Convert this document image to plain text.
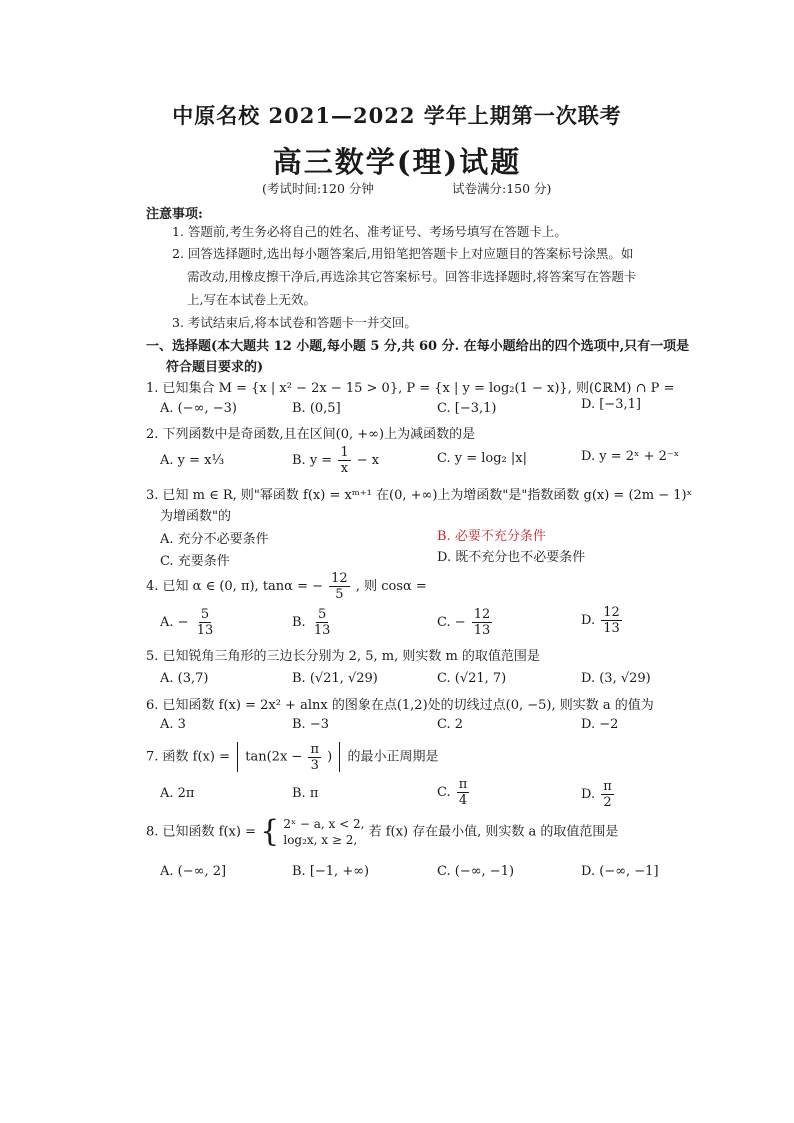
中原名校 2021—2022 学年上期第一次联考
高三数学(理)试题
(考试时间:120 分钟	试卷满分:150 分)
注意事项:
1. 答题前,考生务必将自己的姓名、准考证号、考场号填写在答题卡上。
2. 回答选择题时,选出每小题答案后,用铅笔把答题卡上对应题目的答案标号涂黑。如
需改动,用橡皮擦干净后,再选涂其它答案标号。回答非选择题时,将答案写在答题卡
上,写在本试卷上无效。
3. 考试结束后,将本试卷和答题卡一并交回。
一、选择题(本大题共 12 小题,每小题 5 分,共 60 分. 在每小题给出的四个选项中,只有一项是
符合题目要求的)
1. 已知集合 M = {x | x² − 2x − 15 > 0}, P = {x | y = log₂(1 − x)}, 则(∁ℝM) ∩ P =
A. (−∞, −3)	B. (0,5]	C. [−3,1)	D. [−3,1]
2. 下列函数中是奇函数,且在区间(0, +∞)上为减函数的是
A. y = x⅓	B. $y = \frac{1}{x} - x$	C. y = log₂ |x|	D. y = 2ˣ + 2⁻ˣ
3. 已知 m ∈ R, 则"幂函数 f(x) = xᵐ⁺¹ 在(0, +∞)上为增函数"是"指数函数 g(x) = (2m − 1)ˣ
为增函数"的
A. 充分不必要条件	B. 必要不充分条件
C. 充要条件	D. 既不充分也不必要条件
4. 已知 α ∈ (0, π), tanα = − $\frac{12}{5}$ , 则 cosα =
A. − $\frac{5}{13}$	B. $\frac{5}{13}$	C. − $\frac{12}{13}$	D. $\frac{12}{13}$
5. 已知锐角三角形的三边长分别为 2, 5, m, 则实数 m 的取值范围是
A. (3,7)	B. (√21, √29)	C. (√21, 7)	D. (3, √29)
6. 已知函数 f(x) = 2x² + alnx 的图象在点(1,2)处的切线过点(0, −5), 则实数 a 的值为
A. 3	B. −3	C. 2	D. −2
7. 函数 $f(x) = \tan(2x - \frac{\pi}{3}$ ) 的最小正周期是
A. 2π	B. π	C. $\frac{\pi}{4}$	D. $\frac{\pi}{2}$
8. 已知函数 f(x) = { 2ˣ − a, x < 2,
log₂x, x ≥ 2,
若 f(x) 存在最小值, 则实数 a 的取值范围是
A. (−∞, 2]	B. [−1, +∞)	C. (−∞, −1)	D. (−∞, −1]
